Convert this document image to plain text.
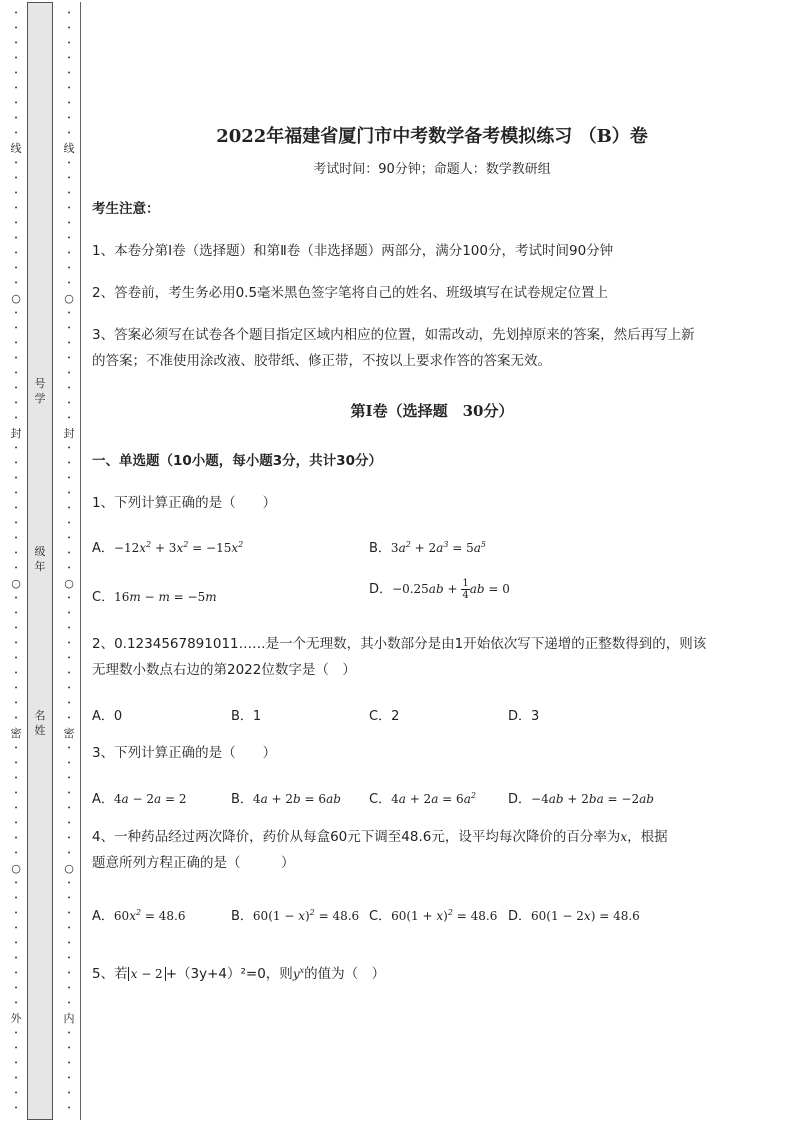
•
•
•
•
•
•
•
•
•
线
•
•
•
•
•
•
•
•
•
○
•
•
•
•
•
•
•
•
封
•
•
•
•
•
•
•
•
•
○
•
•
•
•
•
•
•
•
•
密
•
•
•
•
•
•
•
•
○
•
•
•
•
•
•
•
•
•
外
•
•
•
•
•
•
•
•
•
•
•
•
•
•
•
线
•
•
•
•
•
•
•
•
•
○
•
•
•
•
•
•
•
•
封
•
•
•
•
•
•
•
•
•
○
•
•
•
•
•
•
•
•
•
密
•
•
•
•
•
•
•
•
○
•
•
•
•
•
•
•
•
•
内
•
•
•
•
•
•
号
学
级
年
名
姓
2022年福建省厦门市中考数学备考模拟练习 （B）卷
考试时间：90分钟；命题人：数学教研组
考生注意：
1、本卷分第I卷（选择题）和第Ⅱ卷（非选择题）两部分，满分100分，考试时间90分钟
2、答卷前，考生务必用0.5毫米黑色签字笔将自己的姓名、班级填写在试卷规定位置上
3、答案必须写在试卷各个题目指定区域内相应的位置，如需改动，先划掉原来的答案，然后再写上新
的答案；不准使用涂改液、胶带纸、修正带，不按以上要求作答的答案无效。
第I卷（选择题　30分）
一、单选题（10小题，每小题3分，共计30分）
1、下列计算正确的是（　　）
A．$-12x^2 + 3x^2 = -15x^2$	B．$3a^2 + 2a^3 = 5a^5$
C．16m − m = −5m	D．$-0.25ab + \frac{1}{4}$ ab = 0
2、0.1234567891011……是一个无理数，其小数部分是由1开始依次写下递增的正整数得到的，则该
无理数小数点右边的第2022位数字是（　）
A．0	B．1	C．2	D．3
3、下列计算正确的是（　　）
A．4a − 2a = 2	B．4a + 2b = 6ab C．$4a + 2a = 6a^2$ D．−4ab + 2ba = −2ab
4、一种药品经过两次降价，药价从每盒60元下调至48.6元，设平均每次降价的百分率为x，根据
题意所列方程正确的是（　　　）
A．$60x^2 = 48.6$	B．$60(1 - x)^2 = 48.6$ C．$60(1 + x)^2 = 48.6$ D．60(1 − 2x) = 48.6
5、若 x − 2 +（3y+4）²=0，则$y^x$的值为（　）
